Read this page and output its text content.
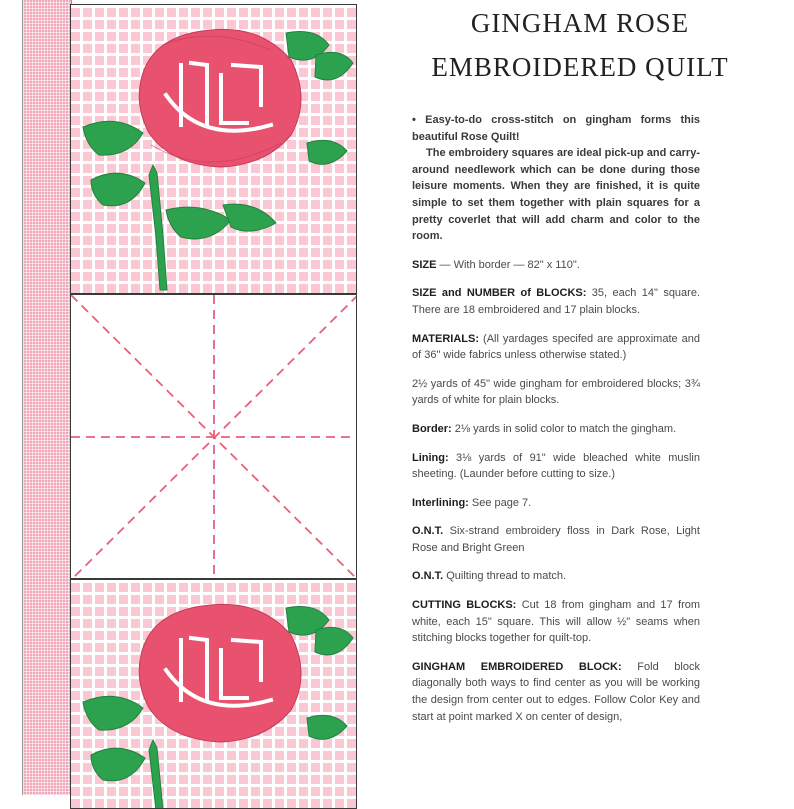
GINGHAM ROSE
EMBROIDERED QUILT

• Easy-to-do cross-stitch on gingham forms this beautiful Rose Quilt!

The embroidery squares are ideal pick-up and carry-around needlework which can be done during those leisure moments. When they are finished, it is quite simple to set them together with plain squares for a pretty coverlet that will add charm and color to the room.

SIZE — With border — 82" x 110".

SIZE and NUMBER of BLOCKS: 35, each 14" square. There are 18 embroidered and 17 plain blocks.

MATERIALS: (All yardages specifed are approximate and of 36" wide fabrics unless otherwise stated.)

2½ yards of 45" wide gingham for embroidered blocks; 3¾ yards of white for plain blocks.

Border: 2⅛ yards in solid color to match the gingham.

Lining: 3⅛ yards of 91" wide bleached white muslin sheeting. (Launder before cutting to size.)

Interlining: See page 7.

O.N.T. Six-strand embroidery floss in Dark Rose, Light Rose and Bright Green

O.N.T. Quilting thread to match.

CUTTING BLOCKS: Cut 18 from gingham and 17 from white, each 15" square. This will allow ½" seams when stitching blocks together for quilt-top.

GINGHAM EMBROIDERED BLOCK: Fold block diagonally both ways to find center as you will be working the design from center out to edges. Follow Color Key and start at point marked X on center of design,
